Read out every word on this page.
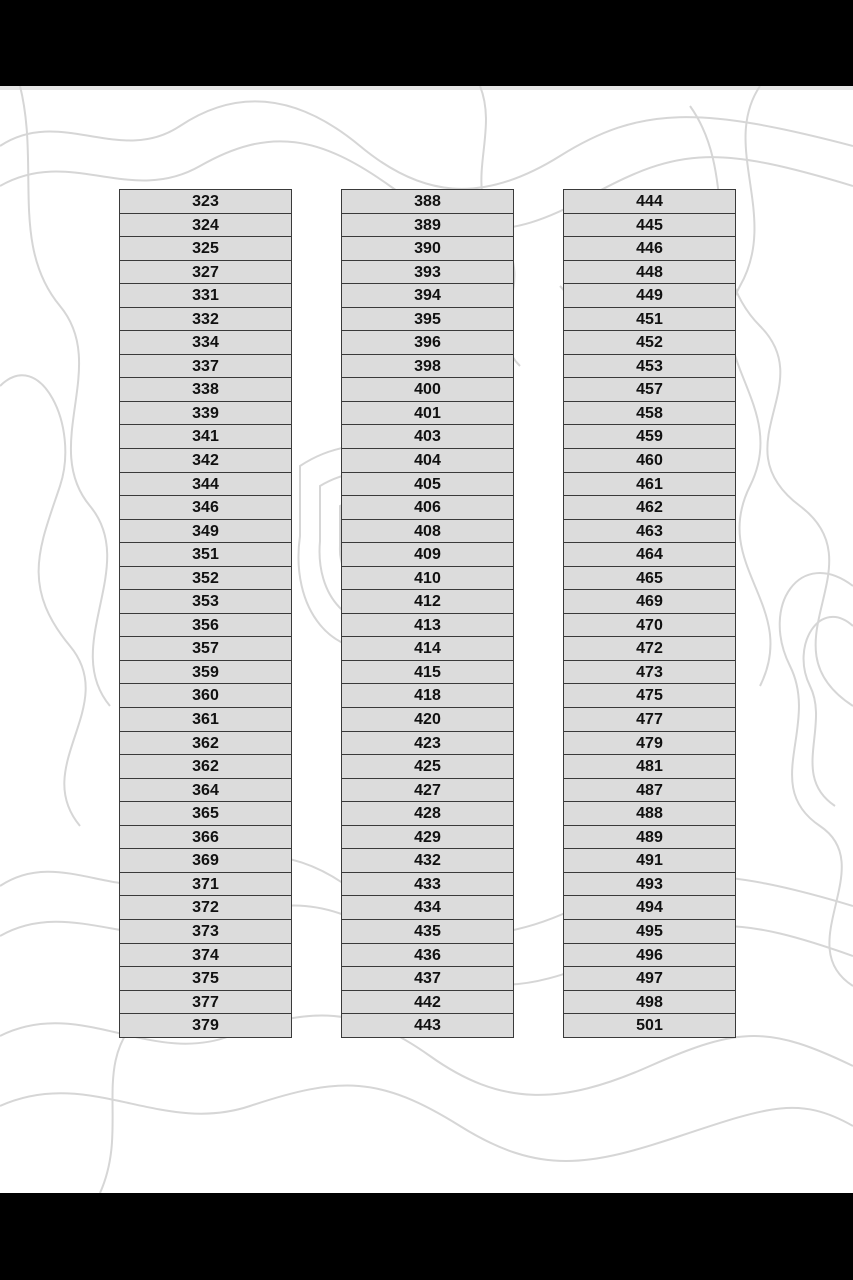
323
324
325
327
331
332
334
337
338
339
341
342
344
346
349
351
352
353
356
357
359
360
361
362
362
364
365
366
369
371
372
373
374
375
377
379
388
389
390
393
394
395
396
398
400
401
403
404
405
406
408
409
410
412
413
414
415
418
420
423
425
427
428
429
432
433
434
435
436
437
442
443
444
445
446
448
449
451
452
453
457
458
459
460
461
462
463
464
465
469
470
472
473
475
477
479
481
487
488
489
491
493
494
495
496
497
498
501
